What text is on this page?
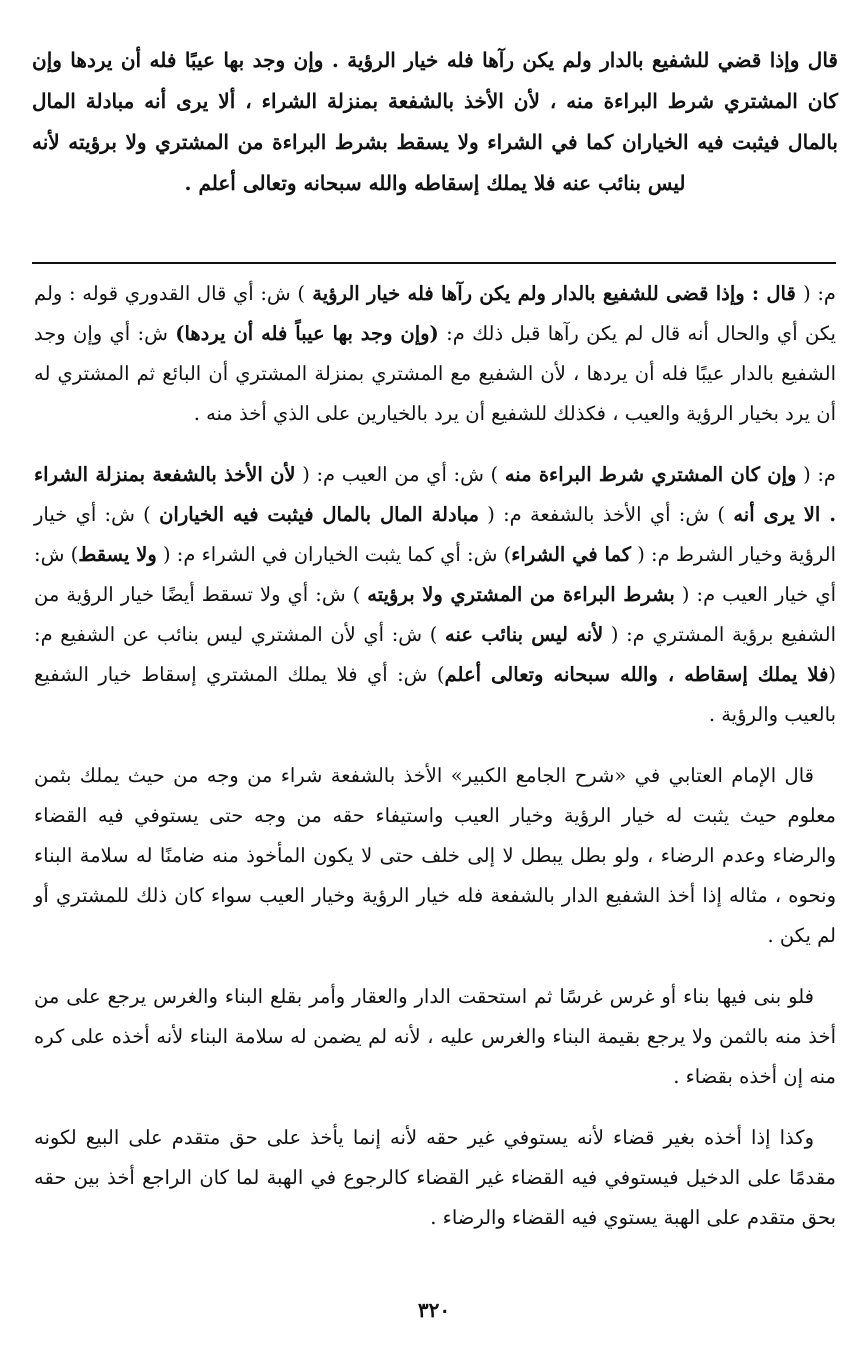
قال وإذا قضي للشفيع بالدار ولم يكن رآها فله خيار الرؤية . وإن وجد بها عيبًا فله أن يردها وإن كان المشتري شرط البراءة منه ، لأن الأخذ بالشفعة بمنزلة الشراء ، ألا يرى أنه مبادلة المال بالمال فيثبت فيه الخياران كما في الشراء ولا يسقط بشرط البراءة من المشتري ولا برؤيته لأنه ليس بنائب عنه فلا يملك إسقاطه والله سبحانه وتعالى أعلم .

م: ( قال : وإذا قضى للشفيع بالدار ولم يكن رآها فله خيار الرؤية ) ش: أي قال القدوري قوله : ولم يكن أي والحال أنه قال لم يكن رآها قبل ذلك م: (وإن وجد بها عيباً فله أن يردها) ش: أي وإن وجد الشفيع بالدار عيبًا فله أن يردها ، لأن الشفيع مع المشتري بمنزلة المشتري أن البائع ثم المشتري له أن يرد بخيار الرؤية والعيب ، فكذلك للشفيع أن يرد بالخيارين على الذي أخذ منه .

م: ( وإن كان المشتري شرط البراءة منه ) ش: أي من العيب م: ( لأن الأخذ بالشفعة بمنزلة الشراء . الا يرى أنه ) ش: أي الأخذ بالشفعة م: ( مبادلة المال بالمال فيثبت فيه الخياران ) ش: أي خيار الرؤية وخيار الشرط م: ( كما في الشراء) ش: أي كما يثبت الخياران في الشراء م: ( ولا يسقط) ش: أي خيار العيب م: ( بشرط البراءة من المشتري ولا برؤيته ) ش: أي ولا تسقط أيضًا خيار الرؤية من الشفيع برؤية المشتري م: ( لأنه ليس بنائب عنه ) ش: أي لأن المشتري ليس بنائب عن الشفيع م: (فلا يملك إسقاطه ، والله سبحانه وتعالى أعلم) ش: أي فلا يملك المشتري إسقاط خيار الشفيع بالعيب والرؤية .

قال الإمام العتابي في «شرح الجامع الكبير» الأخذ بالشفعة شراء من وجه من حيث يملك بثمن معلوم حيث يثبت له خيار الرؤية وخيار العيب واستيفاء حقه من وجه حتى يستوفي فيه القضاء والرضاء وعدم الرضاء ، ولو بطل يبطل لا إلى خلف حتى لا يكون المأخوذ منه ضامنًا له سلامة البناء ونحوه ، مثاله إذا أخذ الشفيع الدار بالشفعة فله خيار الرؤية وخيار العيب سواء كان ذلك للمشتري أو لم يكن .

فلو بنى فيها بناء أو غرس غرسًا ثم استحقت الدار والعقار وأمر بقلع البناء والغرس يرجع على من أخذ منه بالثمن ولا يرجع بقيمة البناء والغرس عليه ، لأنه لم يضمن له سلامة البناء لأنه أخذه على كره منه إن أخذه بقضاء .

وكذا إذا أخذه بغير قضاء لأنه يستوفي غير حقه لأنه إنما يأخذ على حق متقدم على البيع لكونه مقدمًا على الدخيل فيستوفي فيه القضاء غير القضاء كالرجوع في الهبة لما كان الراجع أخذ بين حقه بحق متقدم على الهبة يستوي فيه القضاء والرضاء .

٣٢٠
